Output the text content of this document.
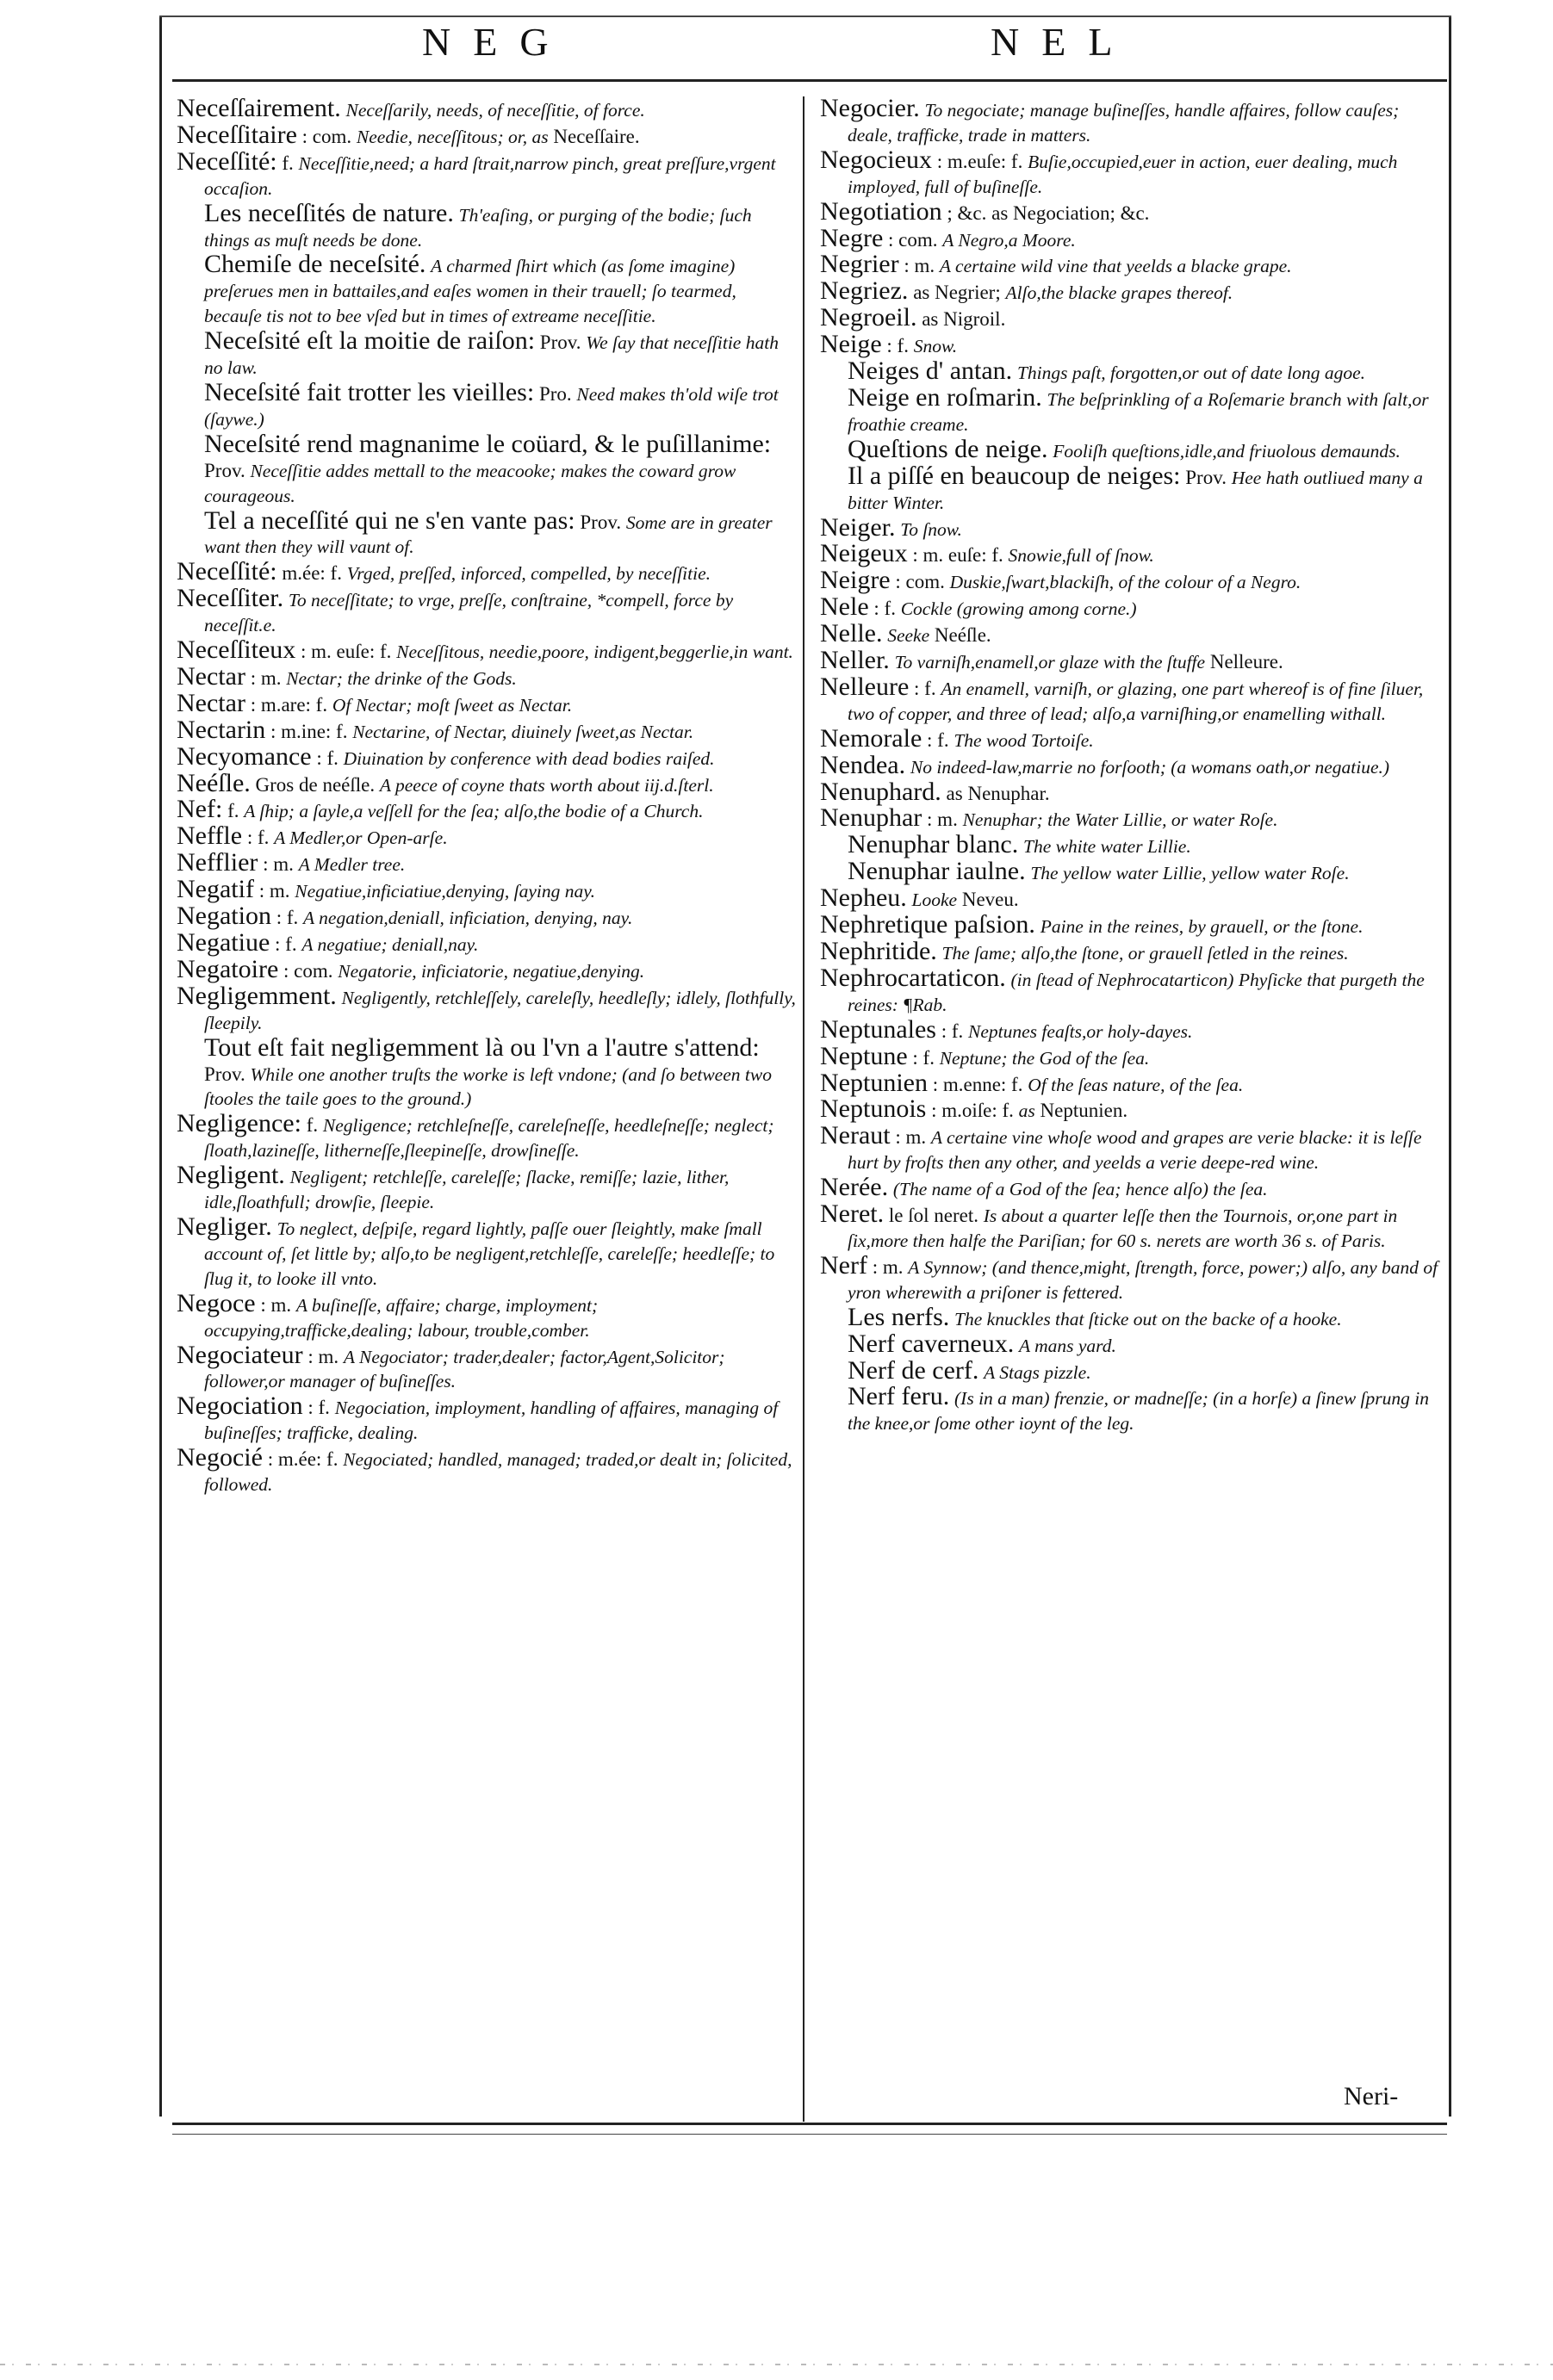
NEG	NEL

Neceſſairement. Neceſſarily, needs, of neceſſitie, of force.

Neceſſitaire : com. Needie, neceſſitous; or, as Neceſſaire.

Neceſſité: f. Neceſſitie,need; a hard ſtrait,narrow pinch, great preſſure,vrgent occaſion.

Les neceſſités de nature. Th'eaſing, or purging of the bodie; ſuch things as muſt needs be done.

Chemiſe de neceſsité. A charmed ſhirt which (as ſome imagine) preſerues men in battailes,and eaſes women in their trauell; ſo tearmed, becauſe tis not to bee vſed but in times of extreame neceſſitie.

Neceſsité eſt la moitie de raiſon: Prov. We ſay that neceſſitie hath no law.

Neceſsité fait trotter les vieilles: Pro. Need makes th'old wiſe trot (ſaywe.)

Neceſsité rend magnanime le coüard, & le puſillanime: Prov. Neceſſitie addes mettall to the meacooke; makes the coward grow courageous.

Tel a neceſſité qui ne s'en vante pas: Prov. Some are in greater want then they will vaunt of.

Neceſſité: m.ée: f. Vrged, preſſed, inforced, compelled, by neceſſitie.

Neceſſiter. To neceſſitate; to vrge, preſſe, conſtraine, *compell, force by neceſſit.e.

Neceſſiteux : m. euſe: f. Neceſſitous, needie,poore, indigent,beggerlie,in want.

Nectar : m. Nectar; the drinke of the Gods.

Nectar : m.are: f. Of Nectar; moſt ſweet as Nectar.

Nectarin : m.ine: f. Nectarine, of Nectar, diuinely ſweet,as Nectar.

Necyomance : f. Diuination by conference with dead bodies raiſed.

Neéſle. Gros de neéſle. A peece of coyne thats worth about iij.d.ſterl.

Nef: f. A ſhip; a ſayle,a veſſell for the ſea; alſo,the bodie of a Church.

Neffle : f. A Medler,or Open-arſe.

Nefflier : m. A Medler tree.

Negatif : m. Negatiue,inficiatiue,denying, ſaying nay.

Negation : f. A negation,deniall, inficiation, denying, nay.

Negatiue : f. A negatiue; deniall,nay.

Negatoire : com. Negatorie, inficiatorie, negatiue,denying.

Negligemment. Negligently, retchleſſely, careleſly, heedleſly; idlely, ſlothfully, ſleepily.

Tout eſt fait negligemment là ou l'vn a l'autre s'attend: Prov. While one another truſts the worke is left vndone; (and ſo between two ſtooles the taile goes to the ground.)

Negligence: f. Negligence; retchleſneſſe, careleſneſſe, heedleſneſſe; neglect; ſloath,lazineſſe, litherneſſe,ſleepineſſe, drowſineſſe.

Negligent. Negligent; retchleſſe, careleſſe; ſlacke, remiſſe; lazie, lither, idle,ſloathfull; drowſie, ſleepie.

Negliger. To neglect, deſpiſe, regard lightly, paſſe ouer ſleightly, make ſmall account of, ſet little by; alſo,to be negligent,retchleſſe, careleſſe; heedleſſe; to ſlug it, to looke ill vnto.

Negoce : m. A buſineſſe, affaire; charge, imployment; occupying,trafficke,dealing; labour, trouble,comber.

Negociateur : m. A Negociator; trader,dealer; factor,Agent,Solicitor; follower,or manager of buſineſſes.

Negociation : f. Negociation, imployment, handling of affaires, managing of buſineſſes; trafficke, dealing.

Negocié : m.ée: f. Negociated; handled, managed; traded,or dealt in; ſolicited, followed.

Negocier. To negociate; manage buſineſſes, handle affaires, follow cauſes; deale, trafficke, trade in matters.

Negocieux : m.euſe: f. Buſie,occupied,euer in action, euer dealing, much imployed, full of buſineſſe.

Negotiation ; &c. as Negociation; &c.

Negre : com. A Negro,a Moore.

Negrier : m. A certaine wild vine that yeelds a blacke grape.

Negriez. as Negrier; Alſo,the blacke grapes thereof.

Negroeil. as Nigroil.

Neige : f. Snow.

Neiges d' antan. Things paſt, forgotten,or out of date long agoe.

Neige en roſmarin. The beſprinkling of a Roſemarie branch with ſalt,or froathie creame.

Queſtions de neige. Fooliſh queſtions,idle,and friuolous demaunds.

Il a piſſé en beaucoup de neiges: Prov. Hee hath outliued many a bitter Winter.

Neiger. To ſnow.

Neigeux : m. euſe: f. Snowie,full of ſnow.

Neigre : com. Duskie,ſwart,blackiſh, of the colour of a Negro.

Nele : f. Cockle (growing among corne.)

Nelle. Seeke Neéſle.

Neller. To varniſh,enamell,or glaze with the ſtuffe Nelleure.

Nelleure : f. An enamell, varniſh, or glazing, one part whereof is of fine ſiluer, two of copper, and three of lead; alſo,a varniſhing,or enamelling withall.

Nemorale : f. The wood Tortoiſe.

Nendea. No indeed-law,marrie no forſooth; (a womans oath,or negatiue.)

Nenuphard. as Nenuphar.

Nenuphar : m. Nenuphar; the Water Lillie, or water Roſe.

Nenuphar blanc. The white water Lillie.

Nenuphar iaulne. The yellow water Lillie, yellow water Roſe.

Nepheu. Looke Neveu.

Nephretique paſsion. Paine in the reines, by grauell, or the ſtone.

Nephritide. The ſame; alſo,the ſtone, or grauell ſetled in the reines.

Nephrocartaticon. (in ſtead of Nephrocatarticon) Phyſicke that purgeth the reines: ¶Rab.

Neptunales : f. Neptunes feaſts,or holy-dayes.

Neptune : f. Neptune; the God of the ſea.

Neptunien : m.enne: f. Of the ſeas nature, of the ſea.

Neptunois : m.oiſe: f. as Neptunien.

Neraut : m. A certaine vine whoſe wood and grapes are verie blacke: it is leſſe hurt by froſts then any other, and yeelds a verie deepe-red wine.

Nerée. (The name of a God of the ſea; hence alſo) the ſea.

Neret. le ſol neret. Is about a quarter leſſe then the Tournois, or,one part in ſix,more then halfe the Pariſian; for 60 s. nerets are worth 36 s. of Paris.

Nerf : m. A Synnow; (and thence,might, ſtrength, force, power;) alſo, any band of yron wherewith a priſoner is fettered.

Les nerfs. The knuckles that ſticke out on the backe of a hooke.

Nerf caverneux. A mans yard.

Nerf de cerf. A Stags pizzle.

Nerf feru. (Is in a man) frenzie, or madneſſe; (in a horſe) a ſinew ſprung in the knee,or ſome other ioynt of the leg.

Neri-
